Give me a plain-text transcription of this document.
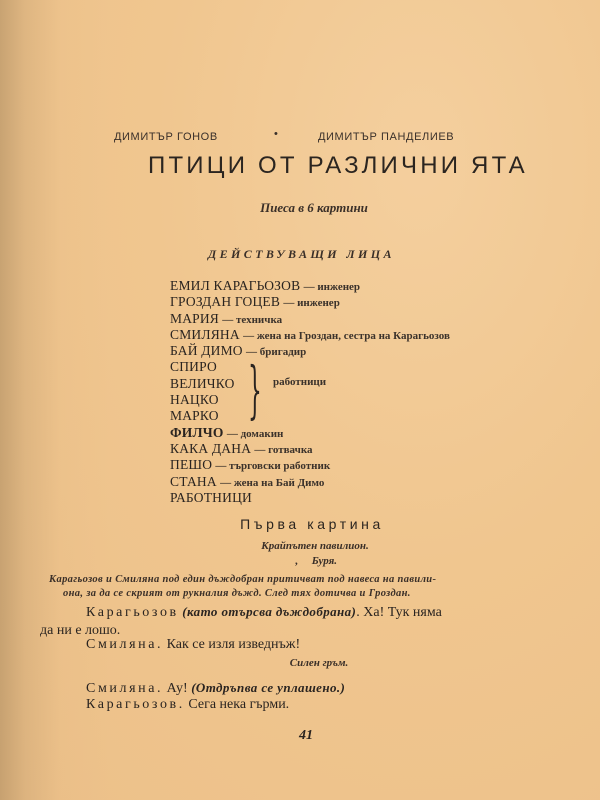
ДИМИТЪР ГОНОВ	•	ДИМИТЪР ПАНДЕЛИЕВ
ПТИЦИ ОТ РАЗЛИЧНИ ЯТА
Пиеса в 6 картини
ДЕЙСТВУВАЩИ ЛИЦА
ЕМИЛ КАРАГЬОЗОВ — инженер
ГРОЗДАН ГОЦЕВ — инженер
МАРИЯ — техничка
СМИЛЯНА — жена на Гроздан, сестра на Карагьозов
БАЙ ДИМО — бригадир
СПИРО
ВЕЛИЧКО
НАЦКО
МАРКО
ФИЛЧО — домакин
КАКА ДАНА — готвачка
ПЕШО — търговски работник
СТАНА — жена на Бай Димо
РАБОТНИЦИ
} работници
Първа картина
Крайпътен павилион.
, Буря.
Карагьозов и Смиляна под един дъждобран притичват под навеса на павили-
она, за да се скрият от рукналия дъжд. След тях дотичва и Гроздан.
Карагьозов (като отърсва дъждобрана). Ха! Тук няма
да ни е лошо.
Смиляна. Как се изля изведнъж!
Силен гръм.
Смиляна. Ау! (Отдръпва се уплашено.)
Карагьозов. Сега нека гърми.
41
